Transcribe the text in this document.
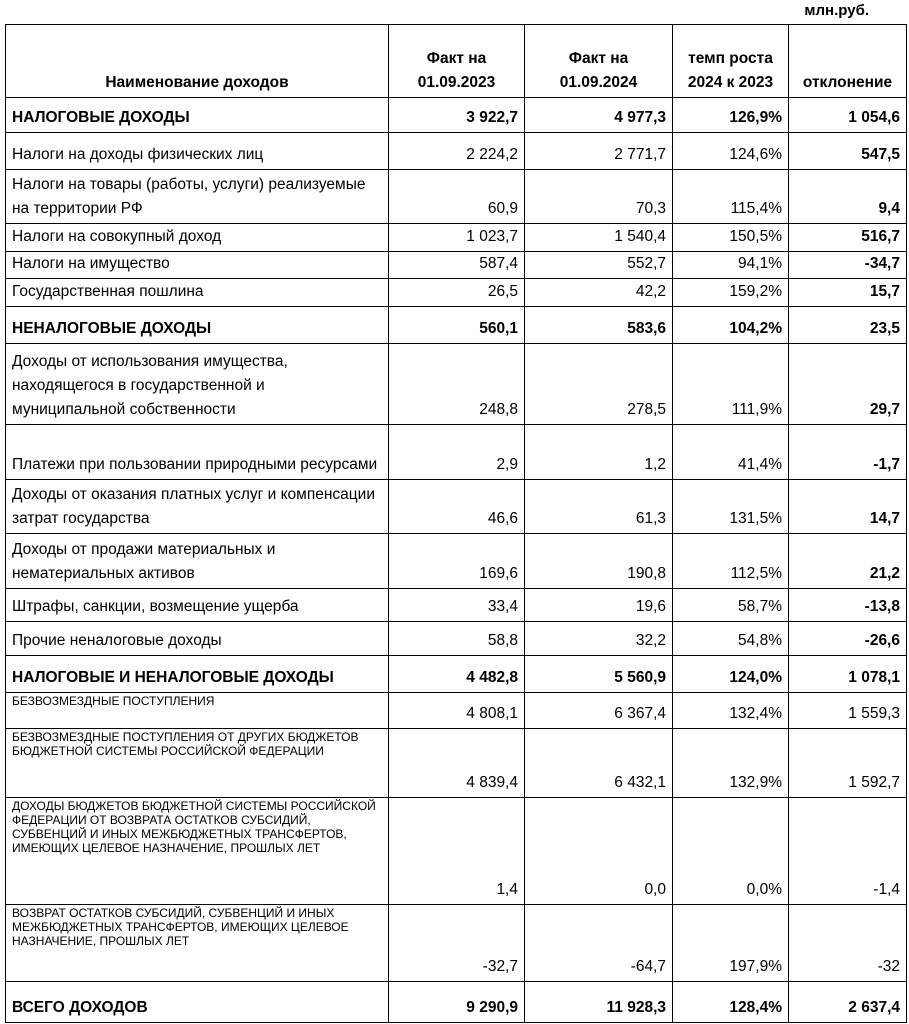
млн.руб.
Наименование доходов	Факт на 01.09.2023	Факт на 01.09.2024	темп роста 2024 к 2023	отклонение
НАЛОГОВЫЕ ДОХОДЫ	3 922,7	4 977,3	126,9%	1 054,6
Налоги на доходы физических лиц	2 224,2	2 771,7	124,6%	547,5
Налоги на товары (работы, услуги) реализуемые на территории РФ	60,9	70,3	115,4%	9,4
Налоги на совокупный доход	1 023,7	1 540,4	150,5%	516,7
Налоги на имущество	587,4	552,7	94,1%	-34,7
Государственная пошлина	26,5	42,2	159,2%	15,7
НЕНАЛОГОВЫЕ ДОХОДЫ	560,1	583,6	104,2%	23,5
Доходы от использования имущества, находящегося в государственной и муниципальной собственности	248,8	278,5	111,9%	29,7
Платежи при пользовании природными ресурсами	2,9	1,2	41,4%	-1,7
Доходы от оказания платных услуг и компенсации затрат государства	46,6	61,3	131,5%	14,7
Доходы от продажи материальных и нематериальных активов	169,6	190,8	112,5%	21,2
Штрафы, санкции, возмещение ущерба	33,4	19,6	58,7%	-13,8
Прочие неналоговые доходы	58,8	32,2	54,8%	-26,6
НАЛОГОВЫЕ И НЕНАЛОГОВЫЕ ДОХОДЫ	4 482,8	5 560,9	124,0%	1 078,1
БЕЗВОЗМЕЗДНЫЕ ПОСТУПЛЕНИЯ	4 808,1	6 367,4	132,4%	1 559,3
БЕЗВОЗМЕЗДНЫЕ ПОСТУПЛЕНИЯ ОТ ДРУГИХ БЮДЖЕТОВ БЮДЖЕТНОЙ СИСТЕМЫ РОССИЙСКОЙ ФЕДЕРАЦИИ	4 839,4	6 432,1	132,9%	1 592,7
ДОХОДЫ БЮДЖЕТОВ БЮДЖЕТНОЙ СИСТЕМЫ РОССИЙСКОЙ ФЕДЕРАЦИИ ОТ ВОЗВРАТА ОСТАТКОВ СУБСИДИЙ, СУБВЕНЦИЙ И ИНЫХ МЕЖБЮДЖЕТНЫХ ТРАНСФЕРТОВ, ИМЕЮЩИХ ЦЕЛЕВОЕ НАЗНАЧЕНИЕ, ПРОШЛЫХ ЛЕТ	1,4	0,0	0,0%	-1,4
ВОЗВРАТ ОСТАТКОВ СУБСИДИЙ, СУБВЕНЦИЙ И ИНЫХ МЕЖБЮДЖЕТНЫХ ТРАНСФЕРТОВ, ИМЕЮЩИХ ЦЕЛЕВОЕ НАЗНАЧЕНИЕ, ПРОШЛЫХ ЛЕТ	-32,7	-64,7	197,9%	-32
ВСЕГО ДОХОДОВ	9 290,9	11 928,3	128,4%	2 637,4
